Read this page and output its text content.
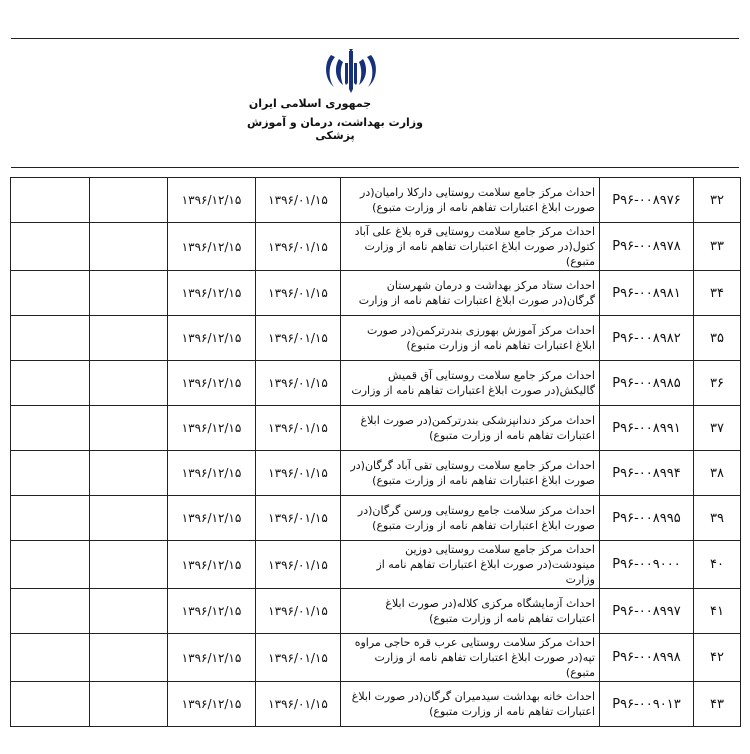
جمهوری اسلامی ایران
وزارت بهداشت، درمان و آموزش پزشکی
۳۲	P۹۶-۰۰۸۹۷۶	احداث مرکز جامع سلامت روستایی دارکلا رامیان(در صورت ابلاغ اعتبارات تفاهم نامه از وزارت متبوع)	۱۳۹۶/۰۱/۱۵	۱۳۹۶/۱۲/۱۵		
۳۳	P۹۶-۰۰۸۹۷۸	احداث مرکز جامع سلامت روستایی قره بلاغ علی آباد کتول(در صورت ابلاغ اعتبارات تفاهم نامه از وزارت متبوع)	۱۳۹۶/۰۱/۱۵	۱۳۹۶/۱۲/۱۵		
۳۴	P۹۶-۰۰۸۹۸۱	احداث ستاد مرکز بهداشت و درمان شهرستان گرگان(در صورت ابلاغ اعتبارات تفاهم نامه از وزارت	۱۳۹۶/۰۱/۱۵	۱۳۹۶/۱۲/۱۵		
۳۵	P۹۶-۰۰۸۹۸۲	احداث مرکز آموزش بهورزی بندرترکمن(در صورت ابلاغ اعتبارات تفاهم نامه از وزارت متبوع)	۱۳۹۶/۰۱/۱۵	۱۳۹۶/۱۲/۱۵		
۳۶	P۹۶-۰۰۸۹۸۵	احداث مرکز جامع سلامت روستایی آق قمیش گالیکش(در صورت ابلاغ اعتبارات تفاهم نامه از وزارت	۱۳۹۶/۰۱/۱۵	۱۳۹۶/۱۲/۱۵		
۳۷	P۹۶-۰۰۸۹۹۱	احداث مرکز دندانپزشکی بندرترکمن(در صورت ابلاغ اعتبارات تفاهم نامه از وزارت متبوع)	۱۳۹۶/۰۱/۱۵	۱۳۹۶/۱۲/۱۵		
۳۸	P۹۶-۰۰۸۹۹۴	احداث مرکز جامع سلامت روستایی تقی آباد گرگان(در صورت ابلاغ اعتبارات تفاهم نامه از وزارت متبوع)	۱۳۹۶/۰۱/۱۵	۱۳۹۶/۱۲/۱۵		
۳۹	P۹۶-۰۰۸۹۹۵	احداث مرکز سلامت جامع روستایی ورسن گرگان(در صورت ابلاغ اعتبارات تفاهم نامه از وزارت متبوع)	۱۳۹۶/۰۱/۱۵	۱۳۹۶/۱۲/۱۵		
۴۰	P۹۶-۰۰۹۰۰۰	احداث مرکز جامع سلامت روستایی دوزین مینودشت(در صورت ابلاغ اعتبارات تفاهم نامه از وزارت	۱۳۹۶/۰۱/۱۵	۱۳۹۶/۱۲/۱۵		
۴۱	P۹۶-۰۰۸۹۹۷	احداث آزمایشگاه مرکزی کلاله(در صورت ابلاغ اعتبارات تفاهم نامه از وزارت متبوع)	۱۳۹۶/۰۱/۱۵	۱۳۹۶/۱۲/۱۵		
۴۲	P۹۶-۰۰۸۹۹۸	احداث مرکز سلامت روستایی عرب قره حاجی مراوه تپه(در صورت ابلاغ اعتبارات تفاهم نامه از وزارت متبوع)	۱۳۹۶/۰۱/۱۵	۱۳۹۶/۱۲/۱۵		
۴۳	P۹۶-۰۰۹۰۱۳	احداث خانه بهداشت سیدمیران گرگان(در صورت ابلاغ اعتبارات تفاهم نامه از وزارت متبوع)	۱۳۹۶/۰۱/۱۵	۱۳۹۶/۱۲/۱۵		
